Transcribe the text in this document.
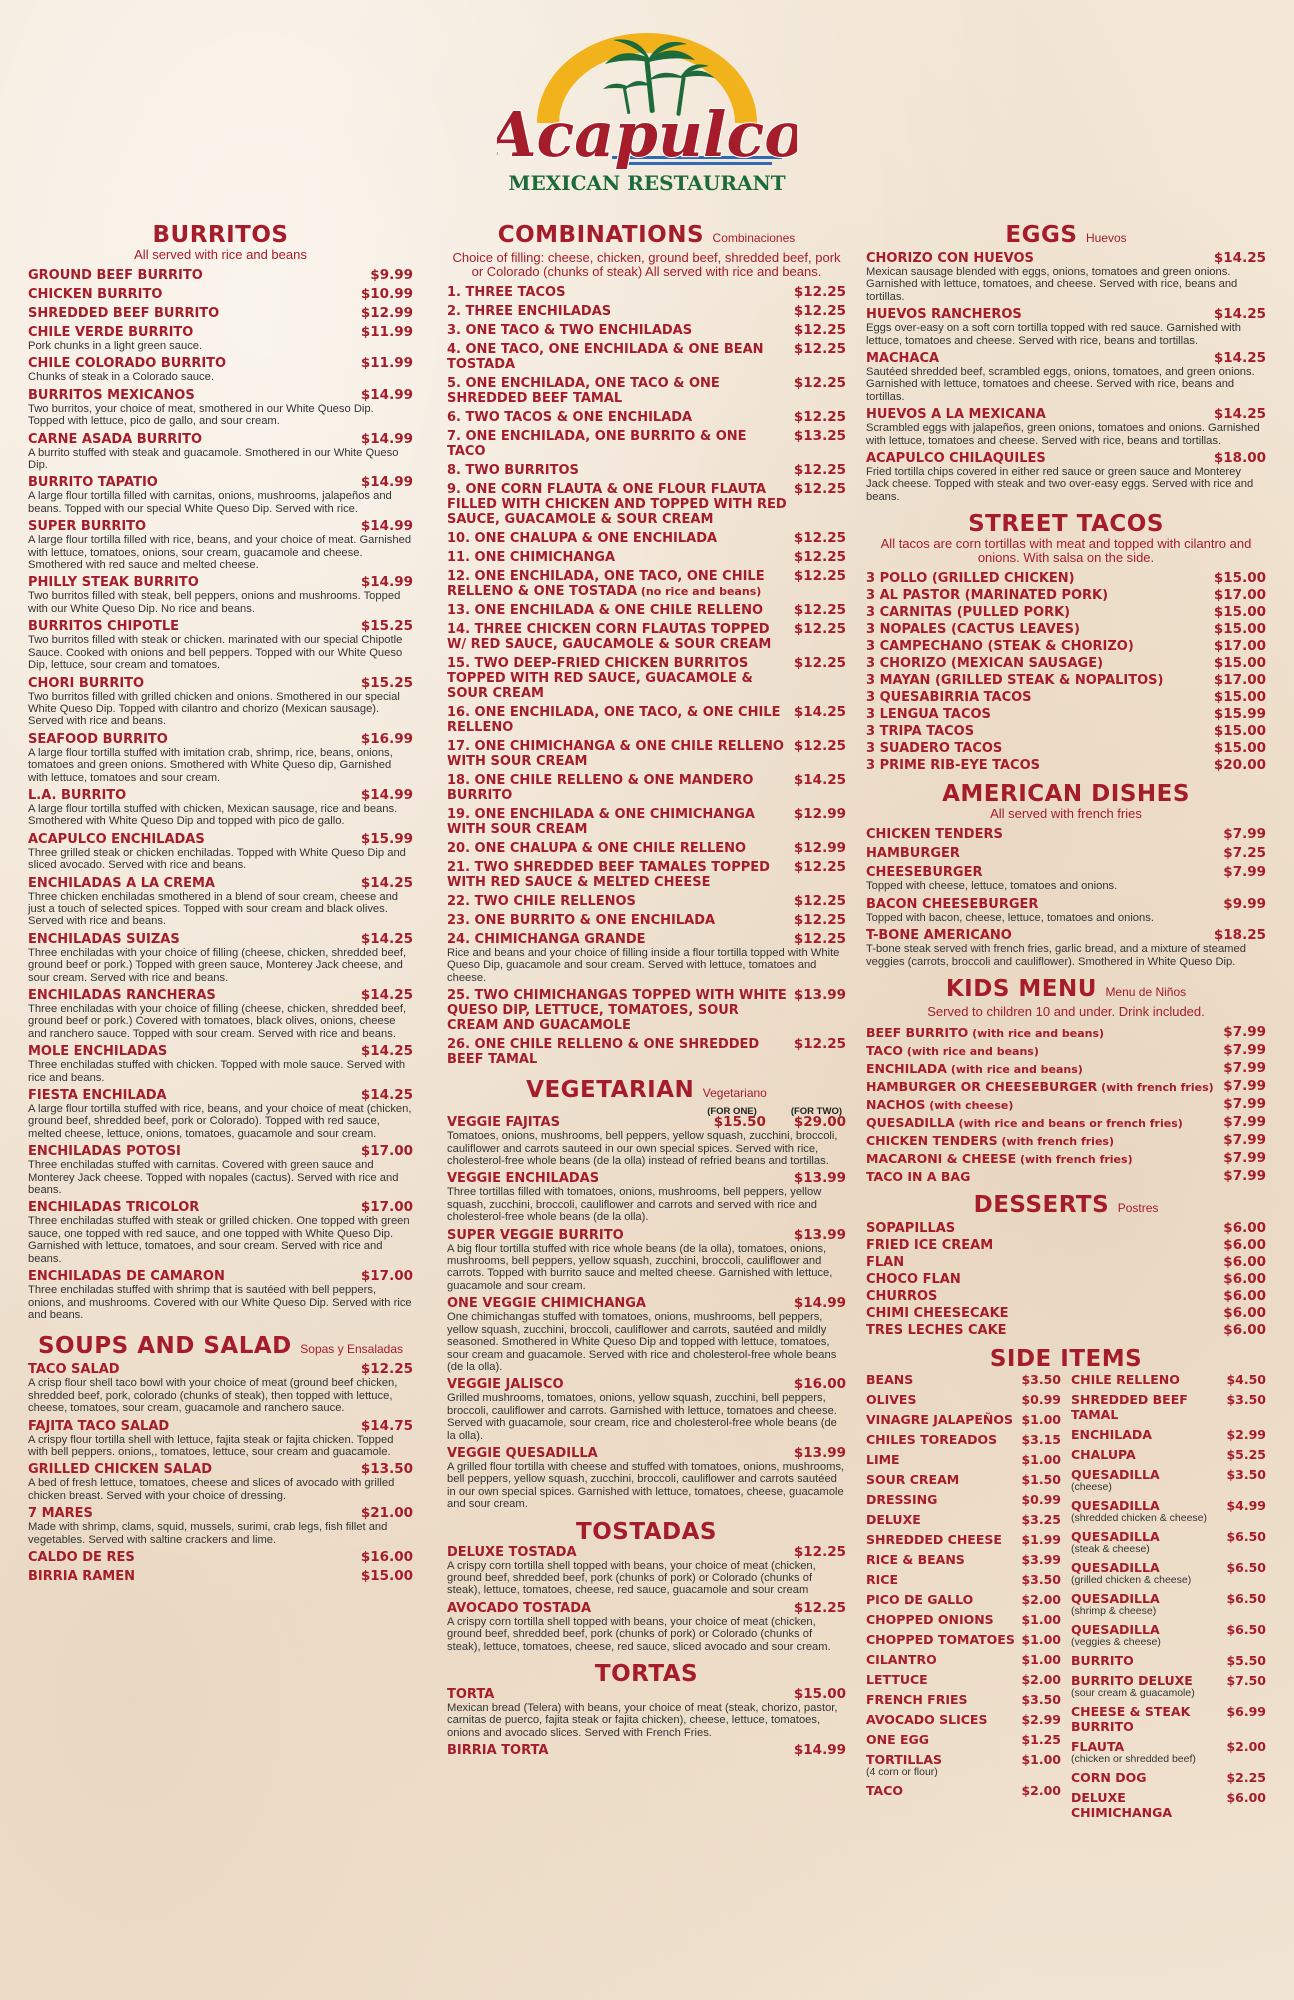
Acapulco
MEXICAN RESTAURANT
BURRITOS
All served with rice and beans
GROUND BEEF BURRITO	$9.99
CHICKEN BURRITO	$10.99
SHREDDED BEEF BURRITO	$12.99
CHILE VERDE BURRITO	$11.99
Pork chunks in a light green sauce.
CHILE COLORADO BURRITO	$11.99
Chunks of steak in a Colorado sauce.
BURRITOS MEXICANOS	$14.99
Two burritos, your choice of meat, smothered in our White Queso Dip. Topped with lettuce, pico de gallo, and sour cream.
CARNE ASADA BURRITO	$14.99
A burrito stuffed with steak and guacamole. Smothered in our White Queso Dip.
BURRITO TAPATIO	$14.99
A large flour tortilla filled with carnitas, onions, mushrooms, jalapeños and beans. Topped with our special White Queso Dip. Served with rice.
SUPER BURRITO	$14.99
A large flour tortilla filled with rice, beans, and your choice of meat. Garnished with lettuce, tomatoes, onions, sour cream, guacamole and cheese. Smothered with red sauce and melted cheese.
PHILLY STEAK BURRITO	$14.99
Two burritos filled with steak, bell peppers, onions and mushrooms. Topped with our White Queso Dip. No rice and beans.
BURRITOS CHIPOTLE	$15.25
Two burritos filled with steak or chicken. marinated with our special Chipotle Sauce. Cooked with onions and bell peppers. Topped with our White Queso Dip, lettuce, sour cream and tomatoes.
CHORI BURRITO	$15.25
Two burritos filled with grilled chicken and onions. Smothered in our special White Queso Dip. Topped with cilantro and chorizo (Mexican sausage). Served with rice and beans.
SEAFOOD BURRITO	$16.99
A large flour tortilla stuffed with imitation crab, shrimp, rice, beans, onions, tomatoes and green onions. Smothered with White Queso dip, Garnished with lettuce, tomatoes and sour cream.
L.A. BURRITO	$14.99
A large flour tortilla stuffed with chicken, Mexican sausage, rice and beans. Smothered with White Queso Dip and topped with pico de gallo.
ACAPULCO ENCHILADAS	$15.99
Three grilled steak or chicken enchiladas. Topped with White Queso Dip and sliced avocado. Served with rice and beans.
ENCHILADAS A LA CREMA	$14.25
Three chicken enchiladas smothered in a blend of sour cream, cheese and just a touch of selected spices. Topped with sour cream and black olives. Served with rice and beans.
ENCHILADAS SUIZAS	$14.25
Three enchiladas with your choice of filling (cheese, chicken, shredded beef, ground beef or pork.) Topped with green sauce, Monterey Jack cheese, and sour cream. Served with rice and beans.
ENCHILADAS RANCHERAS	$14.25
Three enchiladas with your choice of filling (cheese, chicken, shredded beef, ground beef or pork.) Covered with tomatoes, black olives, onions, cheese and ranchero sauce. Topped with sour cream. Served with rice and beans.
MOLE ENCHILADAS	$14.25
Three enchiladas stuffed with chicken. Topped with mole sauce. Served with rice and beans.
FIESTA ENCHILADA	$14.25
A large flour tortilla stuffed with rice, beans, and your choice of meat (chicken, ground beef, shredded beef, pork or Colorado). Topped with red sauce, melted cheese, lettuce, onions, tomatoes, guacamole and sour cream.
ENCHILADAS POTOSI	$17.00
Three enchiladas stuffed with carnitas. Covered with green sauce and Monterey Jack cheese. Topped with nopales (cactus). Served with rice and beans.
ENCHILADAS TRICOLOR	$17.00
Three enchiladas stuffed with steak or grilled chicken. One topped with green sauce, one topped with red sauce, and one topped with White Queso Dip. Garnished with lettuce, tomatoes, and sour cream. Served with rice and beans.
ENCHILADAS DE CAMARON	$17.00
Three enchiladas stuffed with shrimp that is sautéed with bell peppers, onions, and mushrooms. Covered with our White Queso Dip. Served with rice and beans.
SOUPS AND SALAD Sopas y Ensaladas
TACO SALAD	$12.25
A crisp flour shell taco bowl with your choice of meat (ground beef chicken, shredded beef, pork, colorado (chunks of steak), then topped with lettuce, cheese, tomatoes, sour cream, guacamole and ranchero sauce.
FAJITA TACO SALAD	$14.75
A crispy flour tortilla shell with lettuce, fajita steak or fajita chicken. Topped with bell peppers. onions,, tomatoes, lettuce, sour cream and guacamole.
GRILLED CHICKEN SALAD	$13.50
A bed of fresh lettuce, tomatoes, cheese and slices of avocado with grilled chicken breast. Served with your choice of dressing.
7 MARES	$21.00
Made with shrimp, clams, squid, mussels, surimi, crab legs, fish fillet and vegetables. Served with saltine crackers and lime.
CALDO DE RES	$16.00
BIRRIA RAMEN	$15.00
COMBINATIONS Combinaciones
Choice of filling: cheese, chicken, ground beef, shredded beef, pork or Colorado (chunks of steak) All served with rice and beans.
1. THREE TACOS	$12.25
2. THREE ENCHILADAS	$12.25
3. ONE TACO & TWO ENCHILADAS	$12.25
4. ONE TACO, ONE ENCHILADA & ONE BEAN TOSTADA
$12.25
5. ONE ENCHILADA, ONE TACO & ONE SHREDDED BEEF TAMAL
$12.25
6. TWO TACOS & ONE ENCHILADA	$12.25
7. ONE ENCHILADA, ONE BURRITO & ONE TACO
$13.25
8. TWO BURRITOS	$12.25
9. ONE CORN FLAUTA & ONE FLOUR FLAUTA FILLED WITH CHICKEN AND TOPPED WITH RED SAUCE, GUACAMOLE & SOUR CREAM
$12.25
10. ONE CHALUPA & ONE ENCHILADA	$12.25
11. ONE CHIMICHANGA	$12.25
12. ONE ENCHILADA, ONE TACO, ONE CHILE RELLENO & ONE TOSTADA (no rice and beans)
$12.25
13. ONE ENCHILADA & ONE CHILE RELLENO	$12.25
14. THREE CHICKEN CORN FLAUTAS TOPPED W/ RED SAUCE, GAUCAMOLE & SOUR CREAM
$12.25
15. TWO DEEP-FRIED CHICKEN BURRITOS TOPPED WITH RED SAUCE, GUACAMOLE & SOUR CREAM
$12.25
16. ONE ENCHILADA, ONE TACO, & ONE CHILE RELLENO
$14.25
17. ONE CHIMICHANGA & ONE CHILE RELLENO WITH SOUR CREAM
$12.25
18. ONE CHILE RELLENO & ONE MANDERO BURRITO
$14.25
19. ONE ENCHILADA & ONE CHIMICHANGA WITH SOUR CREAM
$12.99
20. ONE CHALUPA & ONE CHILE RELLENO	$12.99
21. TWO SHREDDED BEEF TAMALES TOPPED WITH RED SAUCE & MELTED CHEESE
$12.25
22. TWO CHILE RELLENOS	$12.25
23. ONE BURRITO & ONE ENCHILADA	$12.25
24. CHIMICHANGA GRANDE	$12.25
Rice and beans and your choice of filling inside a flour tortilla topped with White Queso Dip, guacamole and sour cream. Served with lettuce, tomatoes and cheese.
25. TWO CHIMICHANGAS TOPPED WITH WHITE QUESO DIP, LETTUCE, TOMATOES, SOUR CREAM AND GUACAMOLE
$13.99
26. ONE CHILE RELLENO & ONE SHREDDED BEEF TAMAL
$12.25
VEGETARIAN Vegetariano
(FOR ONE)	(FOR TWO)
VEGGIE FAJITAS	$15.50 $29.00
Tomatoes, onions, mushrooms, bell peppers, yellow squash, zucchini, broccoli, cauliflower and carrots sauteed in our own special spices. Served with rice, cholesterol-free whole beans (de la olla) instead of refried beans and tortillas.
VEGGIE ENCHILADAS	$13.99
Three tortillas filled with tomatoes, onions, mushrooms, bell peppers, yellow squash, zucchini, broccoli, cauliflower and carrots and served with rice and cholesterol-free whole beans (de la olla).
SUPER VEGGIE BURRITO	$13.99
A big flour tortilla stuffed with rice whole beans (de la olla), tomatoes, onions, mushrooms, bell peppers, yellow squash, zucchini, broccoli, cauliflower and carrots. Topped with burrito sauce and melted cheese. Garnished with lettuce, guacamole and sour cream.
ONE VEGGIE CHIMICHANGA	$14.99
One chimichangas stuffed with tomatoes, onions, mushrooms, bell peppers, yellow squash, zucchini, broccoli, cauliflower and carrots, sautéed and mildly seasoned. Smothered in White Queso Dip and topped with lettuce, tomatoes, sour cream and guacamole. Served with rice and cholesterol-free whole beans (de la olla).
VEGGIE JALISCO	$16.00
Grilled mushrooms, tomatoes, onions, yellow squash, zucchini, bell peppers, broccoli, cauliflower and carrots. Garnished with lettuce, tomatoes and cheese. Served with guacamole, sour cream, rice and cholesterol-free whole beans (de la olla).
VEGGIE QUESADILLA	$13.99
A grilled flour tortilla with cheese and stuffed with tomatoes, onions, mushrooms, bell peppers, yellow squash, zucchini, broccoli, cauliflower and carrots sautéed in our own special spices. Garnished with lettuce, tomatoes, cheese, guacamole and sour cream.
TOSTADAS
DELUXE TOSTADA	$12.25
A crispy corn tortilla shell topped with beans, your choice of meat (chicken, ground beef, shredded beef, pork (chunks of pork) or Colorado (chunks of steak), lettuce, tomatoes, cheese, red sauce, guacamole and sour cream
AVOCADO TOSTADA	$12.25
A crispy corn tortilla shell topped with beans, your choice of meat (chicken, ground beef, shredded beef, pork (chunks of pork) or Colorado (chunks of steak), lettuce, tomatoes, cheese, red sauce, sliced avocado and sour cream.
TORTAS
TORTA	$15.00
Mexican bread (Telera) with beans, your choice of meat (steak, chorizo, pastor, carnitas de puerco, fajita steak or fajita chicken), cheese, lettuce, tomatoes, onions and avocado slices. Served with French Fries.
BIRRIA TORTA	$14.99
EGGS Huevos
CHORIZO CON HUEVOS	$14.25
Mexican sausage blended with eggs, onions, tomatoes and green onions. Garnished with lettuce, tomatoes, and cheese. Served with rice, beans and tortillas.
HUEVOS RANCHEROS	$14.25
Eggs over-easy on a soft corn tortilla topped with red sauce. Garnished with lettuce, tomatoes and cheese. Served with rice, beans and tortillas.
MACHACA	$14.25
Sautéed shredded beef, scrambled eggs, onions, tomatoes, and green onions. Garnished with lettuce, tomatoes and cheese. Served with rice, beans and tortillas.
HUEVOS A LA MEXICANA	$14.25
Scrambled eggs with jalapeños, green onions, tomatoes and onions. Garnished with lettuce, tomatoes and cheese. Served with rice, beans and tortillas.
ACAPULCO CHILAQUILES	$18.00
Fried tortilla chips covered in either red sauce or green sauce and Monterey Jack cheese. Topped with steak and two over-easy eggs. Served with rice and beans.
STREET TACOS
All tacos are corn tortillas with meat and topped with cilantro and onions. With salsa on the side.
3 POLLO (GRILLED CHICKEN)	$15.00
3 AL PASTOR (MARINATED PORK)	$17.00
3 CARNITAS (PULLED PORK)	$15.00
3 NOPALES (CACTUS LEAVES)	$15.00
3 CAMPECHANO (STEAK & CHORIZO)	$17.00
3 CHORIZO (MEXICAN SAUSAGE)	$15.00
3 MAYAN (GRILLED STEAK & NOPALITOS)	$17.00
3 QUESABIRRIA TACOS	$15.00
3 LENGUA TACOS	$15.99
3 TRIPA TACOS	$15.00
3 SUADERO TACOS	$15.00
3 PRIME RIB-EYE TACOS	$20.00
AMERICAN DISHES
All served with french fries
CHICKEN TENDERS	$7.99
HAMBURGER	$7.25
CHEESEBURGER	$7.99
Topped with cheese, lettuce, tomatoes and onions.
BACON CHEESEBURGER	$9.99
Topped with bacon, cheese, lettuce, tomatoes and onions.
T-BONE AMERICANO	$18.25
T-bone steak served with french fries, garlic bread, and a mixture of steamed veggies (carrots, broccoli and cauliflower). Smothered in White Queso Dip.
KIDS MENU Menu de Niños
Served to children 10 and under. Drink included.
BEEF BURRITO (with rice and beans)	$7.99
TACO (with rice and beans)	$7.99
ENCHILADA (with rice and beans)	$7.99
HAMBURGER OR CHEESEBURGER (with french fries) $7.99
NACHOS (with cheese)	$7.99
QUESADILLA (with rice and beans or french fries)	$7.99
CHICKEN TENDERS (with french fries)	$7.99
MACARONI & CHEESE (with french fries)	$7.99
TACO IN A BAG	$7.99
DESSERTS Postres
SOPAPILLAS	$6.00
FRIED ICE CREAM	$6.00
FLAN	$6.00
CHOCO FLAN	$6.00
CHURROS	$6.00
CHIMI CHEESECAKE	$6.00
TRES LECHES CAKE	$6.00
SIDE ITEMS
BEANS	$3.50
OLIVES	$0.99
VINAGRE JALAPEÑOS $1.00
CHILES TOREADOS	$3.15
LIME	$1.00
SOUR CREAM	$1.50
DRESSING	$0.99
DELUXE	$3.25
SHREDDED CHEESE	$1.99
RICE & BEANS	$3.99
RICE	$3.50
PICO DE GALLO	$2.00
CHOPPED ONIONS	$1.00
CHOPPED TOMATOES $1.00
CILANTRO	$1.00
LETTUCE	$2.00
FRENCH FRIES	$3.50
AVOCADO SLICES	$2.99
ONE EGG	$1.25
TORTILLAS	$1.00
(4 corn or flour)
TACO	$2.00
CHILE RELLENO	$4.50
SHREDDED BEEF TAMAL
$3.50
ENCHILADA	$2.99
CHALUPA	$5.25
QUESADILLA	$3.50
(cheese)
QUESADILLA	$4.99
(shredded chicken & cheese)
QUESADILLA	$6.50
(steak & cheese)
QUESADILLA	$6.50
(grilled chicken & cheese)
QUESADILLA	$6.50
(shrimp & cheese)
QUESADILLA	$6.50
(veggies & cheese)
BURRITO	$5.50
BURRITO DELUXE	$7.50
(sour cream & guacamole)
CHEESE & STEAK BURRITO
$6.99
FLAUTA	$2.00
(chicken or shredded beef)
CORN DOG	$2.25
DELUXE CHIMICHANGA
$6.00
